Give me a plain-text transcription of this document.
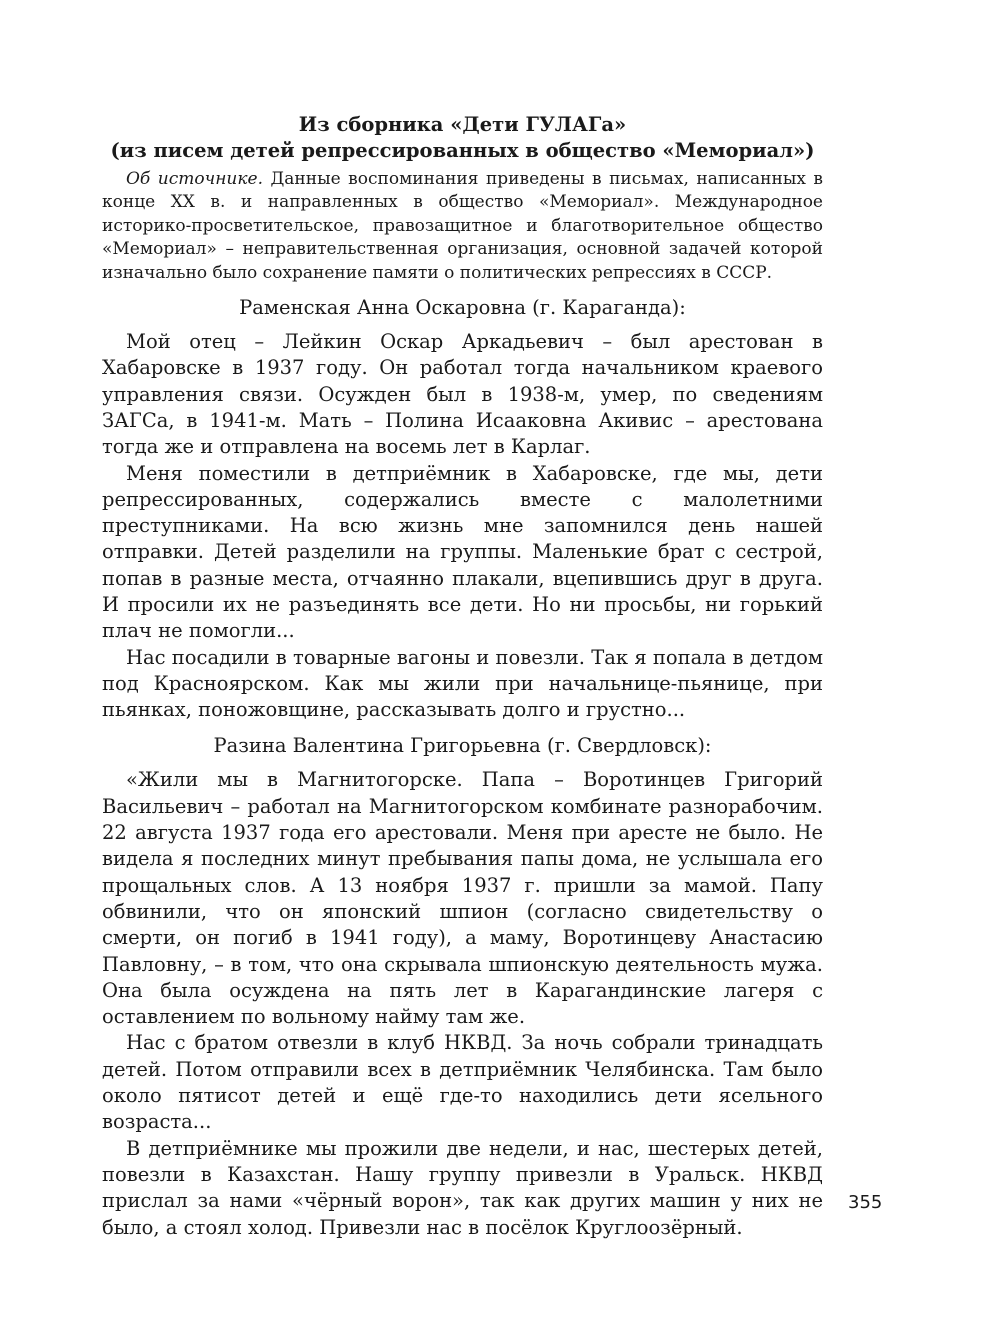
Из сборника «Дети ГУЛАГа»
(из писем детей репрессированных в общество «Мемориал»)

Об источнике. Данные воспоминания приведены в письмах, написанных в конце XX в. и направленных в общество «Мемориал». Международное историко-просветительское, правозащитное и благотворительное общество «Мемориал» – неправительственная организация, основной задачей которой изначально было сохранение памяти о политических репрессиях в СССР.

Раменская Анна Оскаровна (г. Караганда):

Мой отец – Лейкин Оскар Аркадьевич – был арестован в Хабаровске в 1937 году. Он работал тогда начальником краевого управления связи. Осужден был в 1938-м, умер, по сведениям ЗАГСа, в 1941-м. Мать – Полина Исааковна Акивис – арестована тогда же и отправлена на восемь лет в Карлаг.

Меня поместили в детприёмник в Хабаровске, где мы, дети репрессированных, содержались вместе с малолетними преступниками. На всю жизнь мне запомнился день нашей отправки. Детей разделили на группы. Маленькие брат с сестрой, попав в разные места, отчаянно плакали, вцепившись друг в друга. И просили их не разъединять все дети. Но ни просьбы, ни горький плач не помогли...

Нас посадили в товарные вагоны и повезли. Так я попала в детдом под Красноярском. Как мы жили при начальнице-пьянице, при пьянках, поножовщине, рассказывать долго и грустно...

Разина Валентина Григорьевна (г. Свердловск):

«Жили мы в Магнитогорске. Папа – Воротинцев Григорий Васильевич – работал на Магнитогорском комбинате разнорабочим. 22 августа 1937 года его арестовали. Меня при аресте не было. Не видела я последних минут пребывания папы дома, не услышала его прощальных слов. А 13 ноября 1937 г. пришли за мамой. Папу обвинили, что он японский шпион (согласно свидетельству о смерти, он погиб в 1941 году), а маму, Воротинцеву Анастасию Павловну, – в том, что она скрывала шпионскую деятельность мужа. Она была осуждена на пять лет в Карагандинские лагеря с оставлением по вольному найму там же.

Нас с братом отвезли в клуб НКВД. За ночь собрали тринадцать детей. Потом отправили всех в детприёмник Челябинска. Там было около пятисот детей и ещё где-то находились дети ясельного возраста...

В детприёмнике мы прожили две недели, и нас, шестерых детей, повезли в Казахстан. Нашу группу привезли в Уральск. НКВД прислал за нами «чёрный ворон», так как других машин у них не было, а стоял холод. Привезли нас в посёлок Круглоозёрный.

355
